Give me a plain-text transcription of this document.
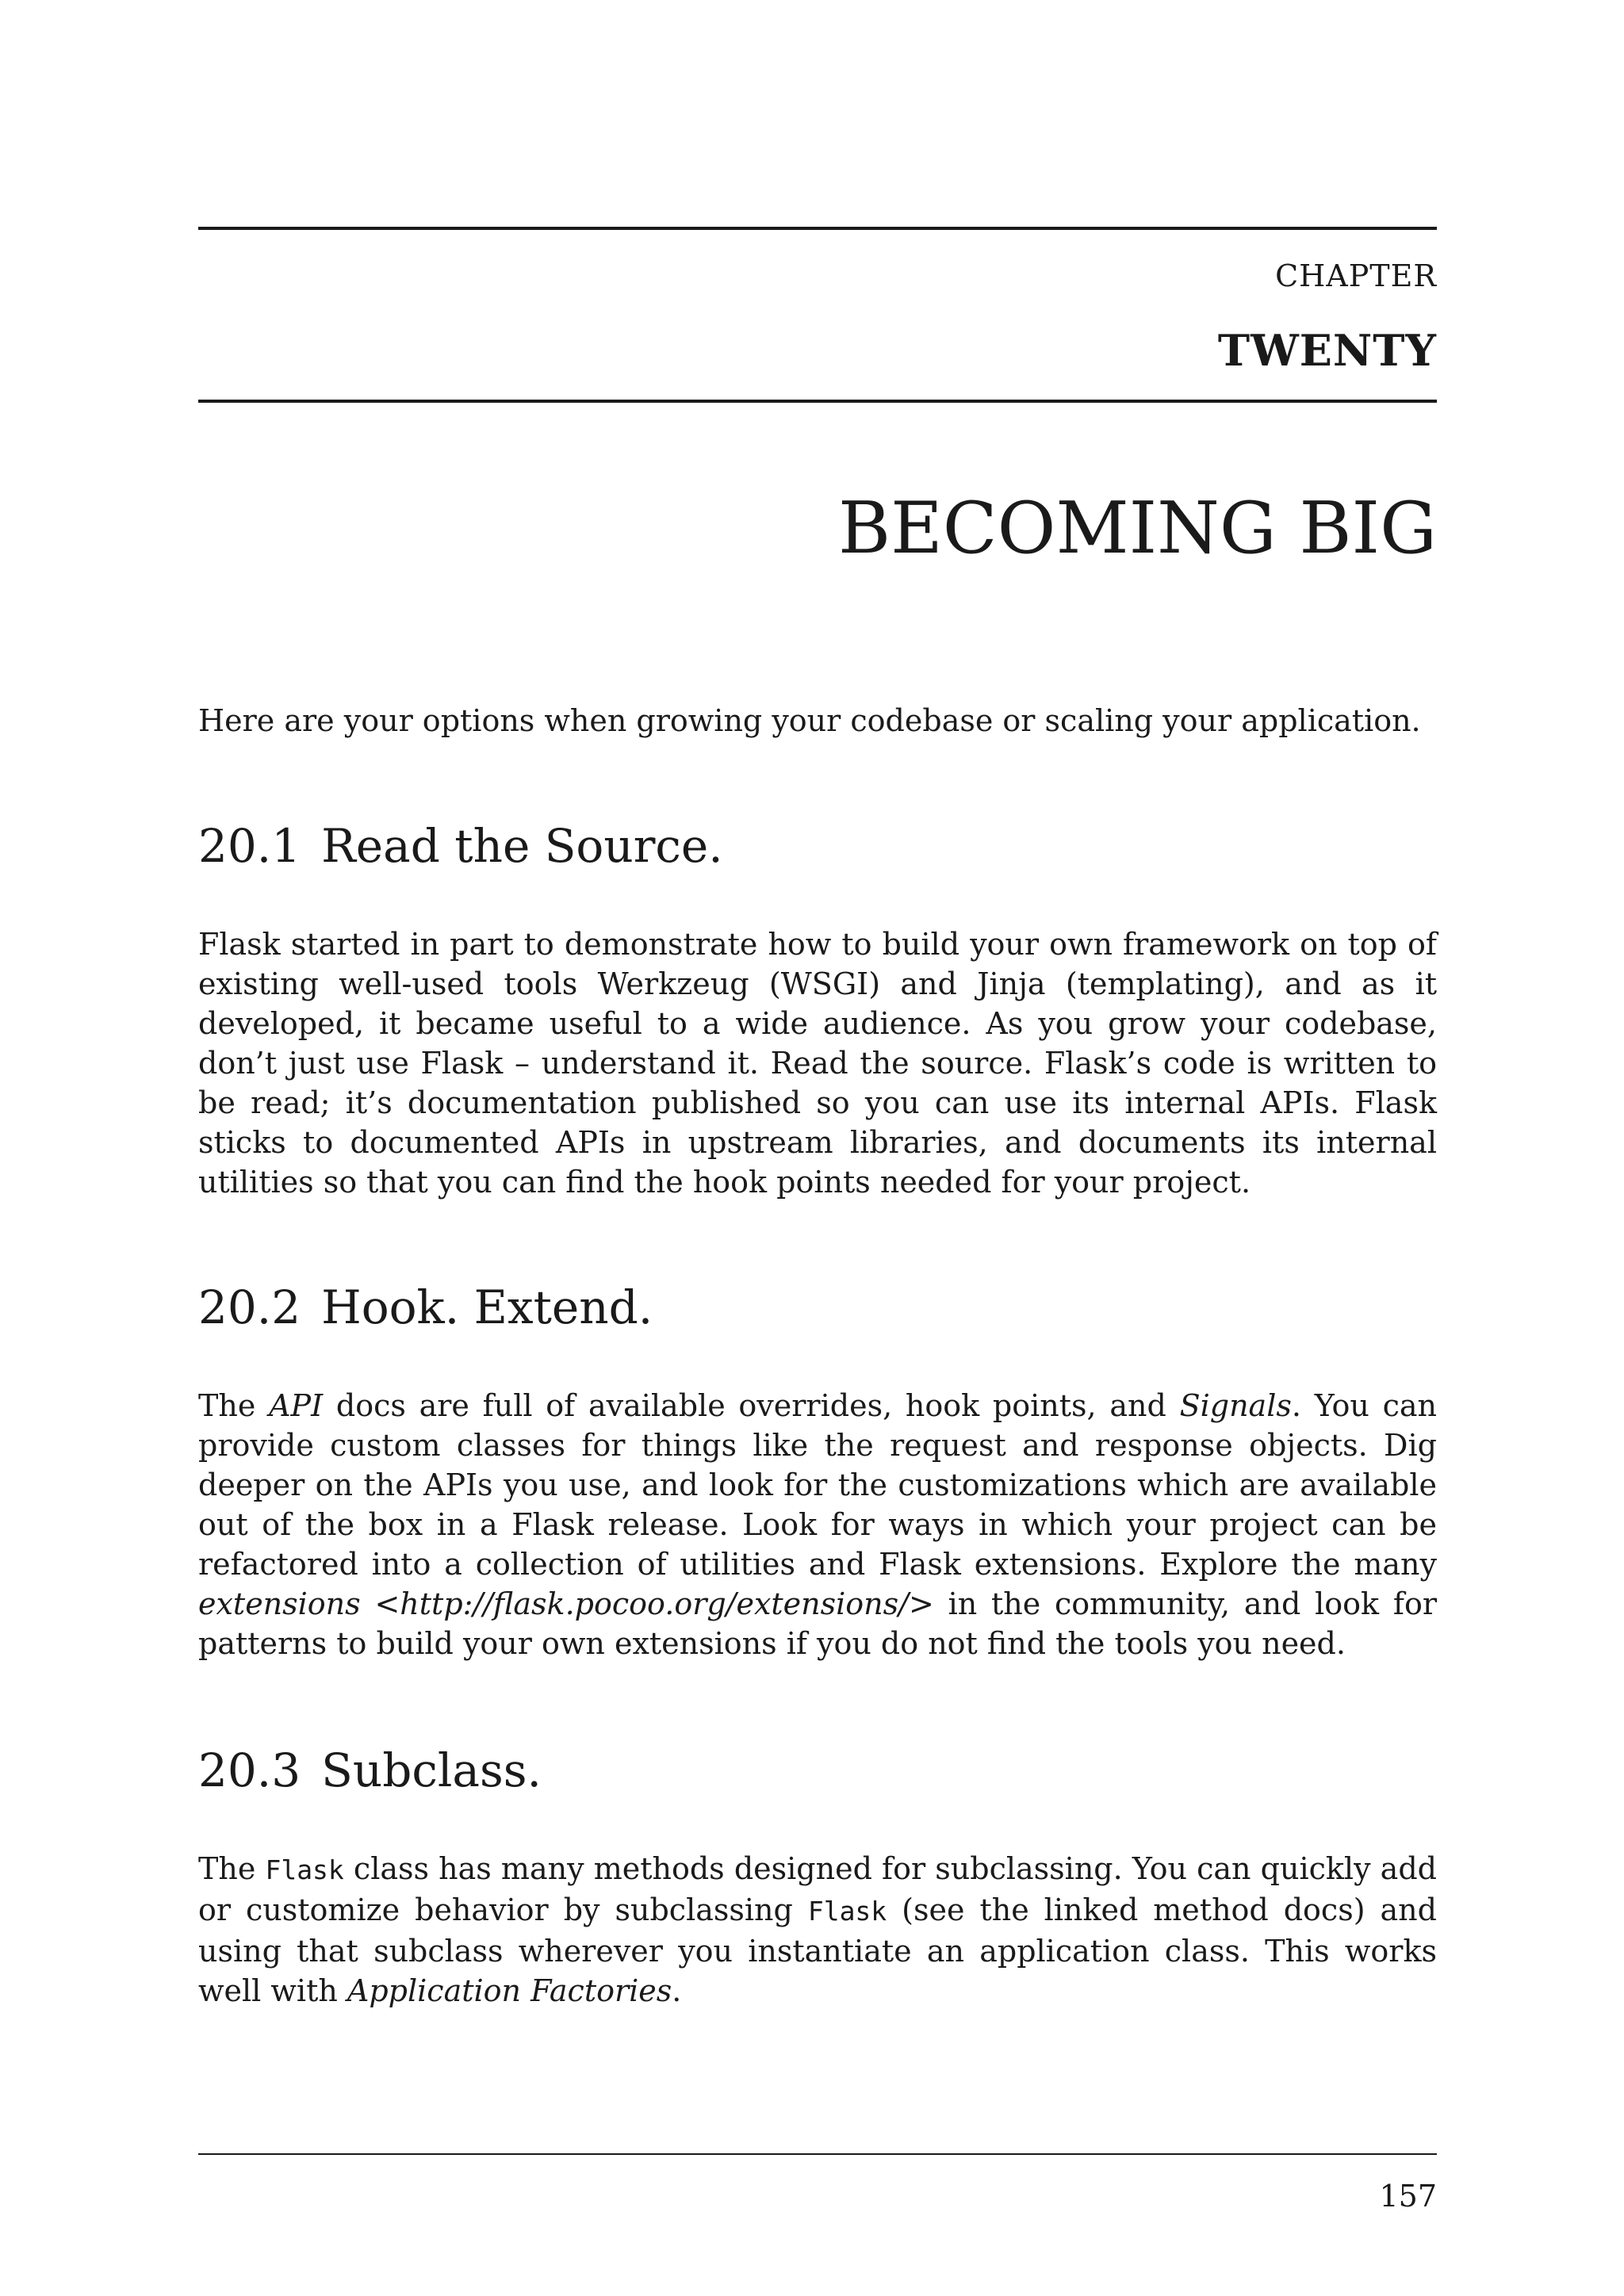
CHAPTER
TWENTY
BECOMING BIG

Here are your options when growing your codebase or scaling your application.

20.1 Read the Source.

Flask started in part to demonstrate how to build your own framework on top of existing well-used tools Werkzeug (WSGI) and Jinja (templating), and as it developed, it became useful to a wide audience. As you grow your codebase, don’t just use Flask – understand it. Read the source. Flask’s code is written to be read; it’s documentation published so you can use its internal APIs. Flask sticks to documented APIs in upstream libraries, and documents its internal utilities so that you can find the hook points needed for your project.

20.2 Hook. Extend.

The API docs are full of available overrides, hook points, and Signals. You can provide custom classes for things like the request and response objects. Dig deeper on the APIs you use, and look for the customizations which are available out of the box in a Flask release. Look for ways in which your project can be refactored into a collection of utilities and Flask extensions. Explore the many extensions <http://flask.pocoo.org/extensions/> in the community, and look for patterns to build your own extensions if you do not find the tools you need.

20.3 Subclass.

The Flask class has many methods designed for subclassing. You can quickly add or customize behavior by subclassing Flask (see the linked method docs) and using that subclass wherever you instantiate an application class. This works well with Application Factories.

157
